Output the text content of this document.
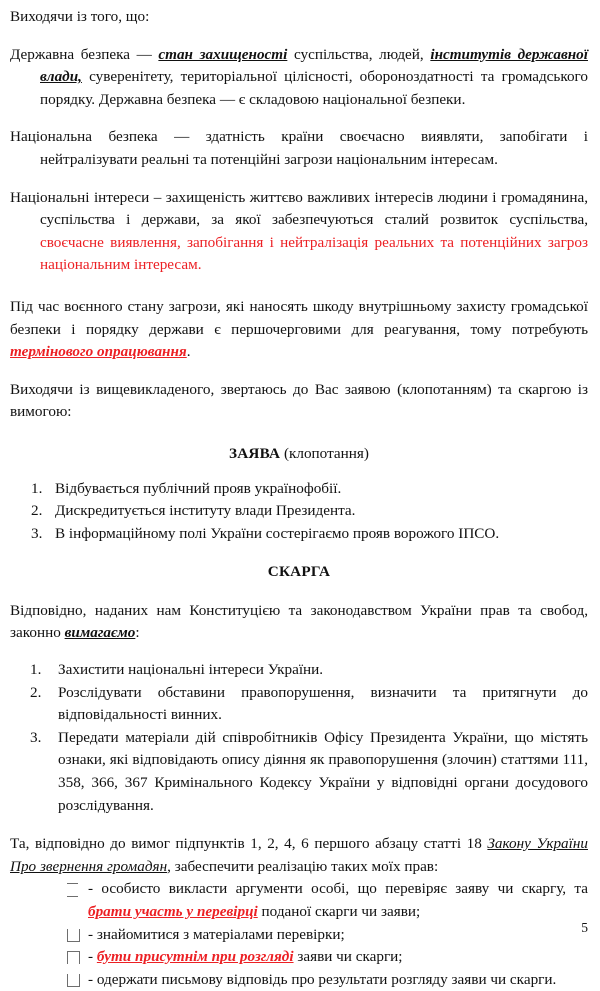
Виходячи із того, що:

Державна безпека — стан захищеності суспільства, людей, інститутів державної влади, суверенітету, територіальної цілісності, обороноздатності та громадського порядку. Державна безпека — є складовою національної безпеки.

Національна безпека — здатність країни своєчасно виявляти, запобігати і нейтралізувати реальні та потенційні загрози національним інтересам.

Національні інтереси – захищеність життєво важливих інтересів людини і громадянина, суспільства і держави, за якої забезпечуються сталий розвиток суспільства, своєчасне виявлення, запобігання і нейтралізація реальних та потенційних загроз національним інтересам.

Під час воєнного стану загрози, які наносять шкоду внутрішньому захисту громадської безпеки і порядку держави є першочерговими для реагування, тому потребують термінового опрацювання.

Виходячи із вищевикладеного, звертаюсь до Вас заявою (клопотанням) та скаргою із вимогою:

ЗАЯВА (клопотання)

1. Відбувається публічний прояв українофобії.
2. Дискредитується інституту влади Президента.
3. В інформаційному полі України состерігаємо прояв ворожого ІПСО.

СКАРГА

Відповідно, наданих нам Конституцією та законодавством України прав та свобод, законно вимагаємо:

1.	Захистити національні інтереси України.
2.	Розслідувати обставини правопорушення, визначити та притягнути до відповідальності винних.
3.	Передати матеріали дій співробітників Офісу Президента України, що містять ознаки, які відповідають опису діяння як правопорушення (злочин) статтями 111, 358, 366, 367 Кримінального Кодексу України у відповідні органи досудового розслідування.

Та, відповідно до вимог підпунктів 1, 2, 4, 6 першого абзацу статті 18 Закону України Про звернення громадян, забеспечити реалізацію таких моїх прав:

- особисто викласти аргументи особі, що перевіряє заяву чи скаргу, та брати участь у перевірці поданої скарги чи заяви;
- знайомитися з матеріалами перевірки;
- бути присутнім при розгляді заяви чи скарги;
- одержати письмову відповідь про результати розгляду заяви чи скарги.
5
